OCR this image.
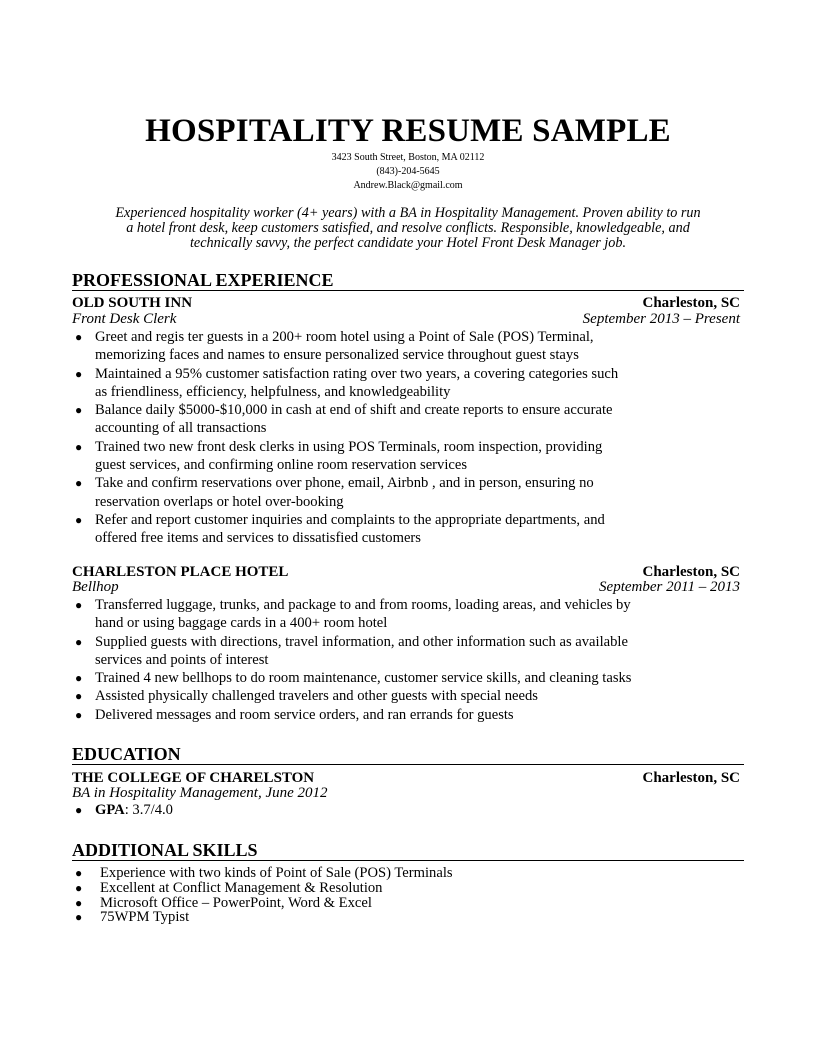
HOSPITALITY RESUME SAMPLE
3423 South Street, Boston, MA 02112
(843)-204-5645
Andrew.Black@gmail.com
Experienced hospitality worker (4+ years) with a BA in Hospitality Management. Proven ability to run
a hotel front desk, keep customers satisfied, and resolve conflicts. Responsible, knowledgeable, and
technically savvy, the perfect candidate your Hotel Front Desk Manager job.
PROFESSIONAL EXPERIENCE
OLD SOUTH INN	Charleston, SC
Front Desk Clerk	September 2013 – Present
● Greet and regis ter guests in a 200+ room hotel using a Point of Sale (POS) Terminal,
memorizing faces and names to ensure personalized service throughout guest stays
● Maintained a 95% customer satisfaction rating over two years, a covering categories such
as friendliness, efficiency, helpfulness, and knowledgeability
● Balance daily $5000-$10,000 in cash at end of shift and create reports to ensure accurate
accounting of all transactions
● Trained two new front desk clerks in using POS Terminals, room inspection, providing
guest services, and confirming online room reservation services
● Take and confirm reservations over phone, email, Airbnb , and in person, ensuring no
reservation overlaps or hotel over-booking
● Refer and report customer inquiries and complaints to the appropriate departments, and
offered free items and services to dissatisfied customers
CHARLESTON PLACE HOTEL	Charleston, SC
Bellhop	September 2011 – 2013
● Transferred luggage, trunks, and package to and from rooms, loading areas, and vehicles by
hand or using baggage cards in a 400+ room hotel
● Supplied guests with directions, travel information, and other information such as available
services and points of interest
● Trained 4 new bellhops to do room maintenance, customer service skills, and cleaning tasks
● Assisted physically challenged travelers and other guests with special needs
● Delivered messages and room service orders, and ran errands for guests
EDUCATION
THE COLLEGE OF CHARELSTON	Charleston, SC
BA in Hospitality Management, June 2012
● GPA: 3.7/4.0
ADDITIONAL SKILLS
● Experience with two kinds of Point of Sale (POS) Terminals
● Excellent at Conflict Management & Resolution
● Microsoft Office – PowerPoint, Word & Excel
● 75WPM Typist
